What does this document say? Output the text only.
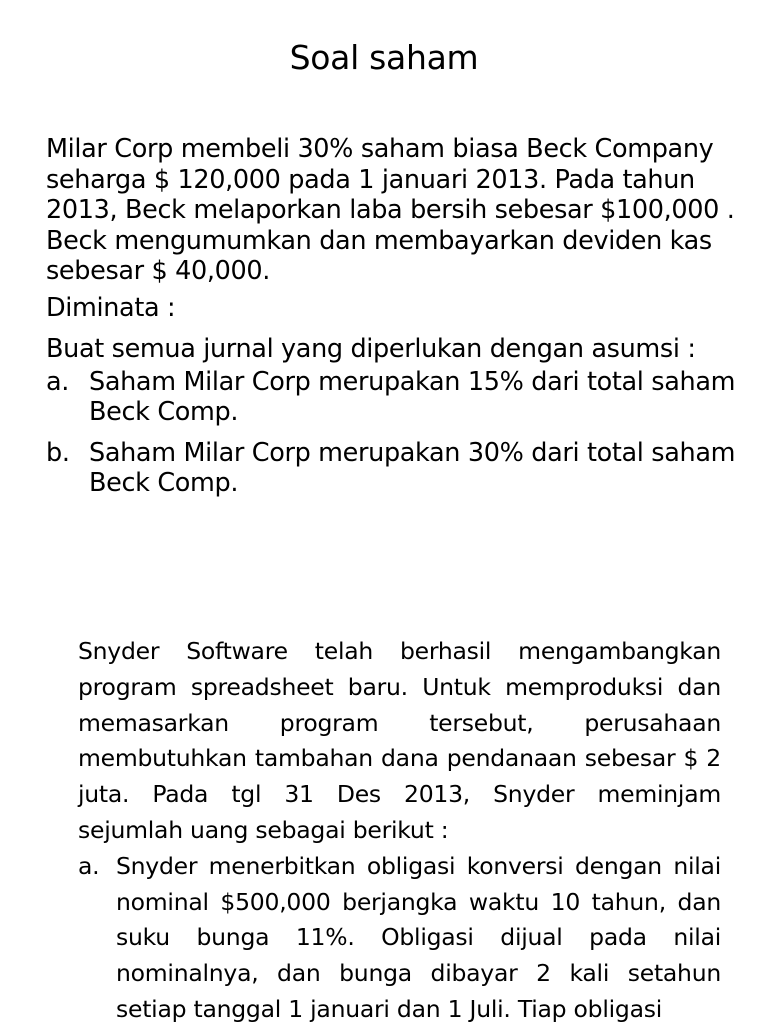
Soal saham

Milar Corp membeli 30% saham biasa Beck Company seharga $ 120,000 pada 1 januari 2013. Pada tahun 2013, Beck melaporkan laba bersih sebesar $100,000 . Beck mengumumkan dan membayarkan deviden kas sebesar $ 40,000.

Diminata :

Buat semua jurnal yang diperlukan dengan asumsi :

a. Saham Milar Corp merupakan 15% dari total saham Beck Comp.
b. Saham Milar Corp merupakan 30% dari total saham Beck Comp.

Snyder Software telah berhasil mengambangkan program spreadsheet baru. Untuk memproduksi dan memasarkan program tersebut, perusahaan membutuhkan tambahan dana pendanaan sebesar $ 2 juta. Pada tgl 31 Des 2013, Snyder meminjam sejumlah uang sebagai berikut :

a. Snyder menerbitkan obligasi konversi dengan nilai nominal $500,000 berjangka waktu 10 tahun, dan suku bunga 11%. Obligasi dijual pada nilai nominalnya, dan bunga dibayar 2 kali setahun setiap tanggal 1 januari dan 1 Juli. Tiap obligasi
